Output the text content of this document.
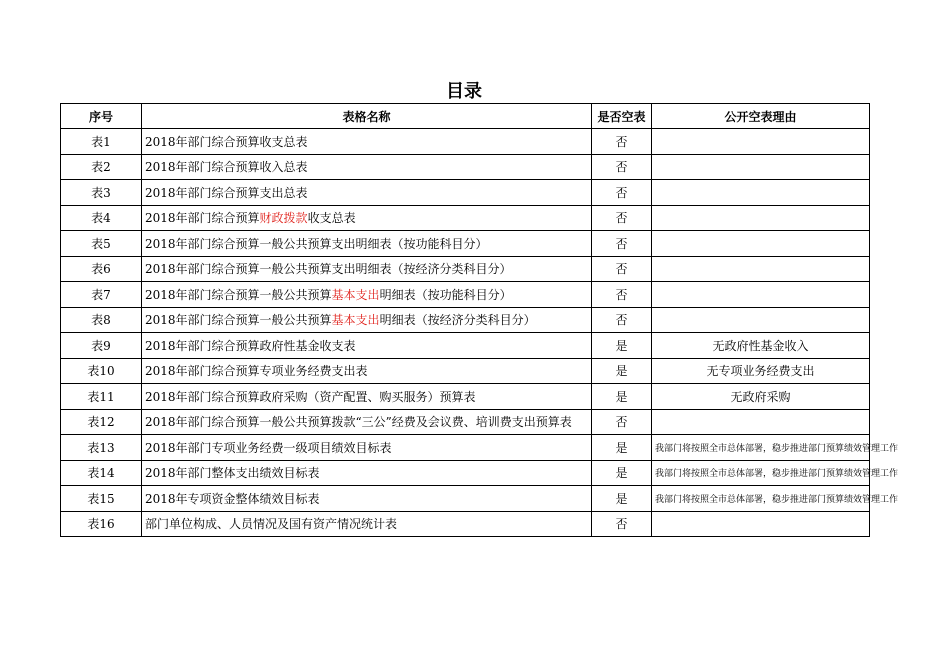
目录
序号	表格名称	是否空表	公开空表理由
表1	2018年部门综合预算收支总表	否	
表2	2018年部门综合预算收入总表	否	
表3	2018年部门综合预算支出总表	否	
表4	2018年部门综合预算财政拨款收支总表	否	
表5	2018年部门综合预算一般公共预算支出明细表（按功能科目分）	否	
表6	2018年部门综合预算一般公共预算支出明细表（按经济分类科目分）	否	
表7	2018年部门综合预算一般公共预算基本支出明细表（按功能科目分）	否	
表8	2018年部门综合预算一般公共预算基本支出明细表（按经济分类科目分）	否	
表9	2018年部门综合预算政府性基金收支表	是	无政府性基金收入
表10	2018年部门综合预算专项业务经费支出表	是	无专项业务经费支出
表11	2018年部门综合预算政府采购（资产配置、购买服务）预算表	是	无政府采购
表12	2018年部门综合预算一般公共预算拨款“三公”经费及会议费、培训费支出预算表	否	
表13	2018年部门专项业务经费一级项目绩效目标表	是	我部门将按照全市总体部署，稳步推进部门预算绩效管理工作
表14	2018年部门整体支出绩效目标表	是	我部门将按照全市总体部署，稳步推进部门预算绩效管理工作
表15	2018年专项资金整体绩效目标表	是	我部门将按照全市总体部署，稳步推进部门预算绩效管理工作
表16	部门单位构成、人员情况及国有资产情况统计表	否	
